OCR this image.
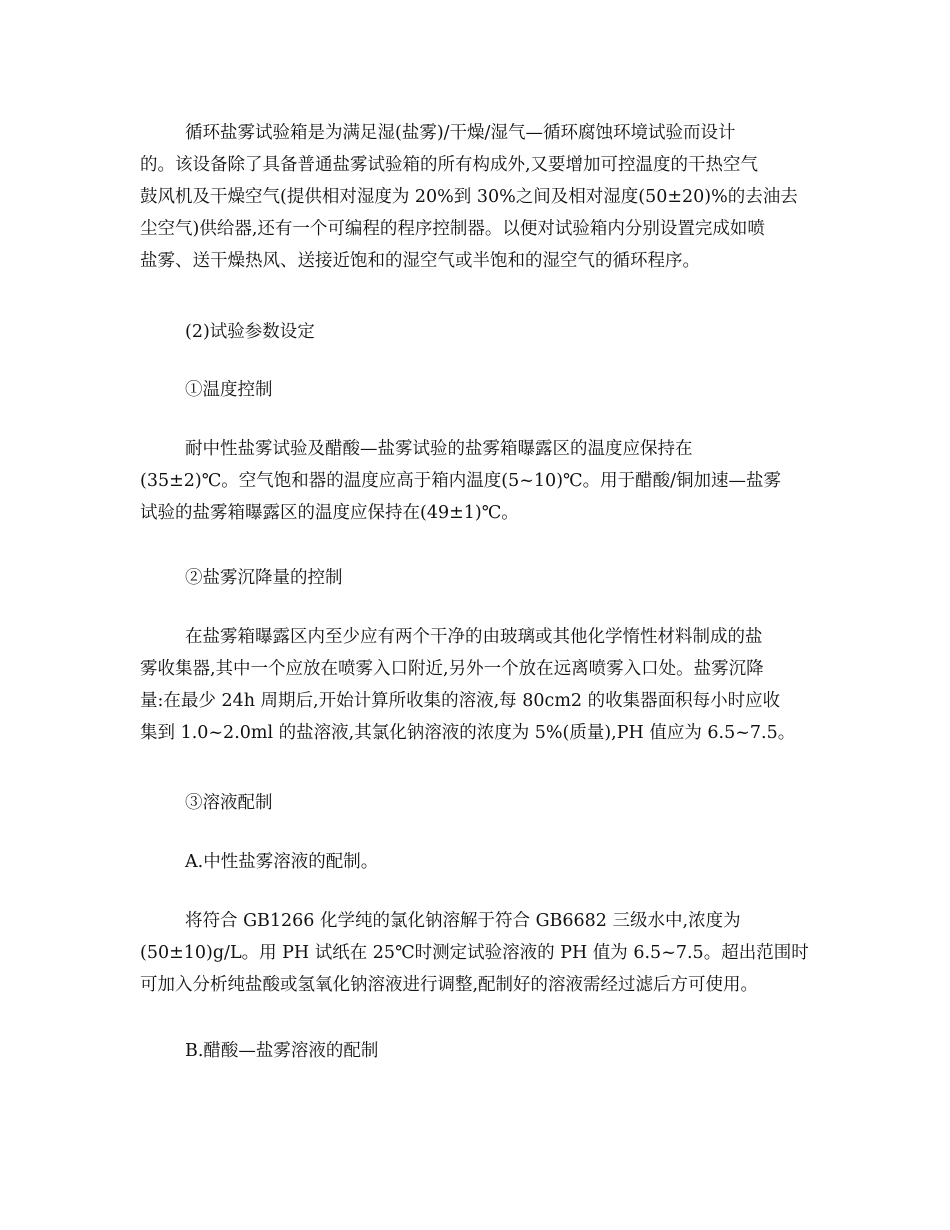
循环盐雾试验箱是为满足湿(盐雾)/干燥/湿气—循环腐蚀环境试验而设计
的。该设备除了具备普通盐雾试验箱的所有构成外,又要增加可控温度的干热空气
鼓风机及干燥空气(提供相对湿度为 20%到 30%之间及相对湿度(50±20)%的去油去
尘空气)供给器,还有一个可编程的程序控制器。以便对试验箱内分别设置完成如喷
盐雾、送干燥热风、送接近饱和的湿空气或半饱和的湿空气的循环程序。

(2)试验参数设定

①温度控制

耐中性盐雾试验及醋酸—盐雾试验的盐雾箱曝露区的温度应保持在
(35±2)℃。空气饱和器的温度应高于箱内温度(5~10)℃。用于醋酸/铜加速—盐雾
试验的盐雾箱曝露区的温度应保持在(49±1)℃。

②盐雾沉降量的控制

在盐雾箱曝露区内至少应有两个干净的由玻璃或其他化学惰性材料制成的盐
雾收集器,其中一个应放在喷雾入口附近,另外一个放在远离喷雾入口处。盐雾沉降
量:在最少 24h 周期后,开始计算所收集的溶液,每 80cm2 的收集器面积每小时应收
集到 1.0~2.0ml 的盐溶液,其氯化钠溶液的浓度为 5%(质量),PH 值应为 6.5~7.5。

③溶液配制

A.中性盐雾溶液的配制。

将符合 GB1266 化学纯的氯化钠溶解于符合 GB6682 三级水中,浓度为
(50±10)g/L。用 PH 试纸在 25℃时测定试验溶液的 PH 值为 6.5~7.5。超出范围时
可加入分析纯盐酸或氢氧化钠溶液进行调整,配制好的溶液需经过滤后方可使用。

B.醋酸—盐雾溶液的配制
